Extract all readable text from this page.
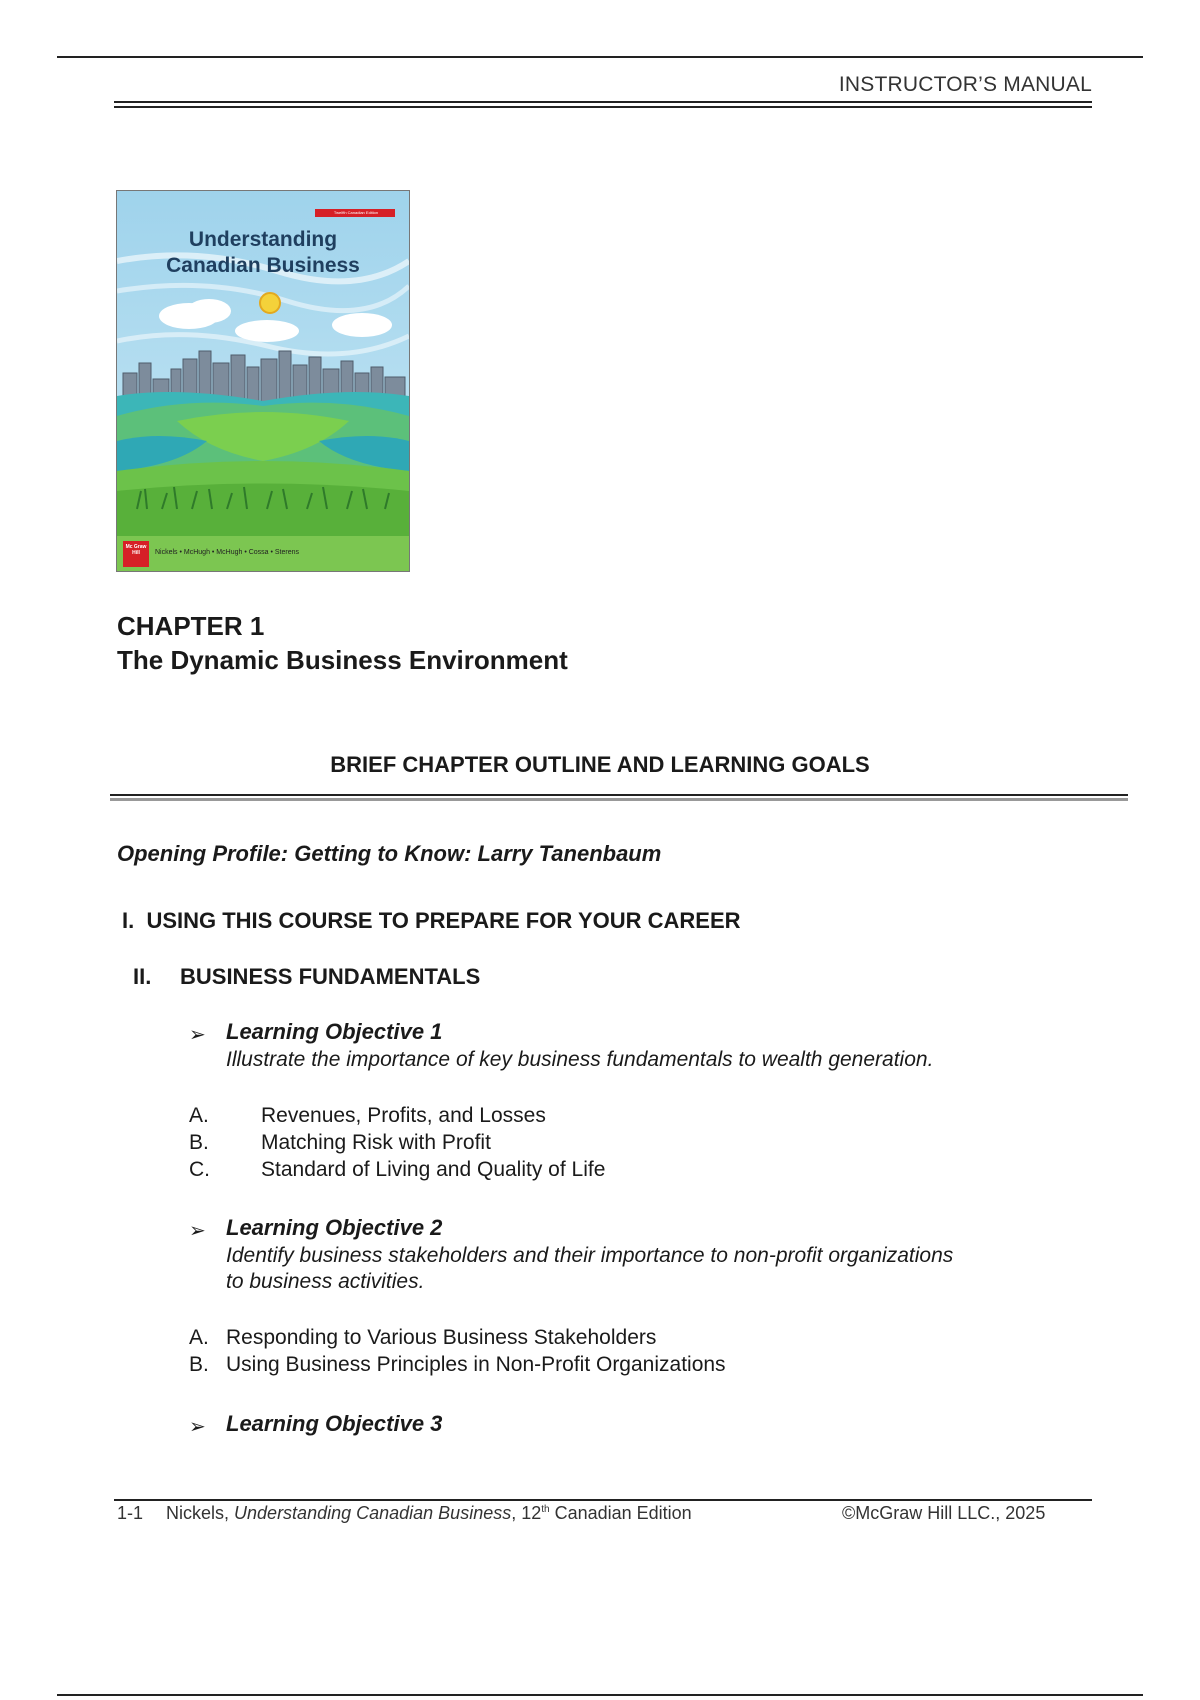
INSTRUCTOR’S MANUAL
Understanding
Canadian Business
Mc Graw Hill	Nickels • McHugh • McHugh • Cossa • Sterens
Twelfth Canadian Edition
CHAPTER 1
The Dynamic Business Environment
BRIEF CHAPTER OUTLINE AND LEARNING GOALS
Opening Profile: Getting to Know: Larry Tanenbaum
I.  USING THIS COURSE TO PREPARE FOR YOUR CAREER
II. BUSINESS FUNDAMENTALS
➢ Learning Objective 1
Illustrate the importance of key business fundamentals to wealth generation.
A. Revenues, Profits, and Losses
B. Matching Risk with Profit
C. Standard of Living and Quality of Life
➢ Learning Objective 2
Identify business stakeholders and their importance to non-profit organizations
to business activities.
A. Responding to Various Business Stakeholders
B. Using Business Principles in Non-Profit Organizations
➢ Learning Objective 3
1-1 Nickels, Understanding Canadian Business, 12th Canadian Edition	©McGraw Hill LLC., 2025
